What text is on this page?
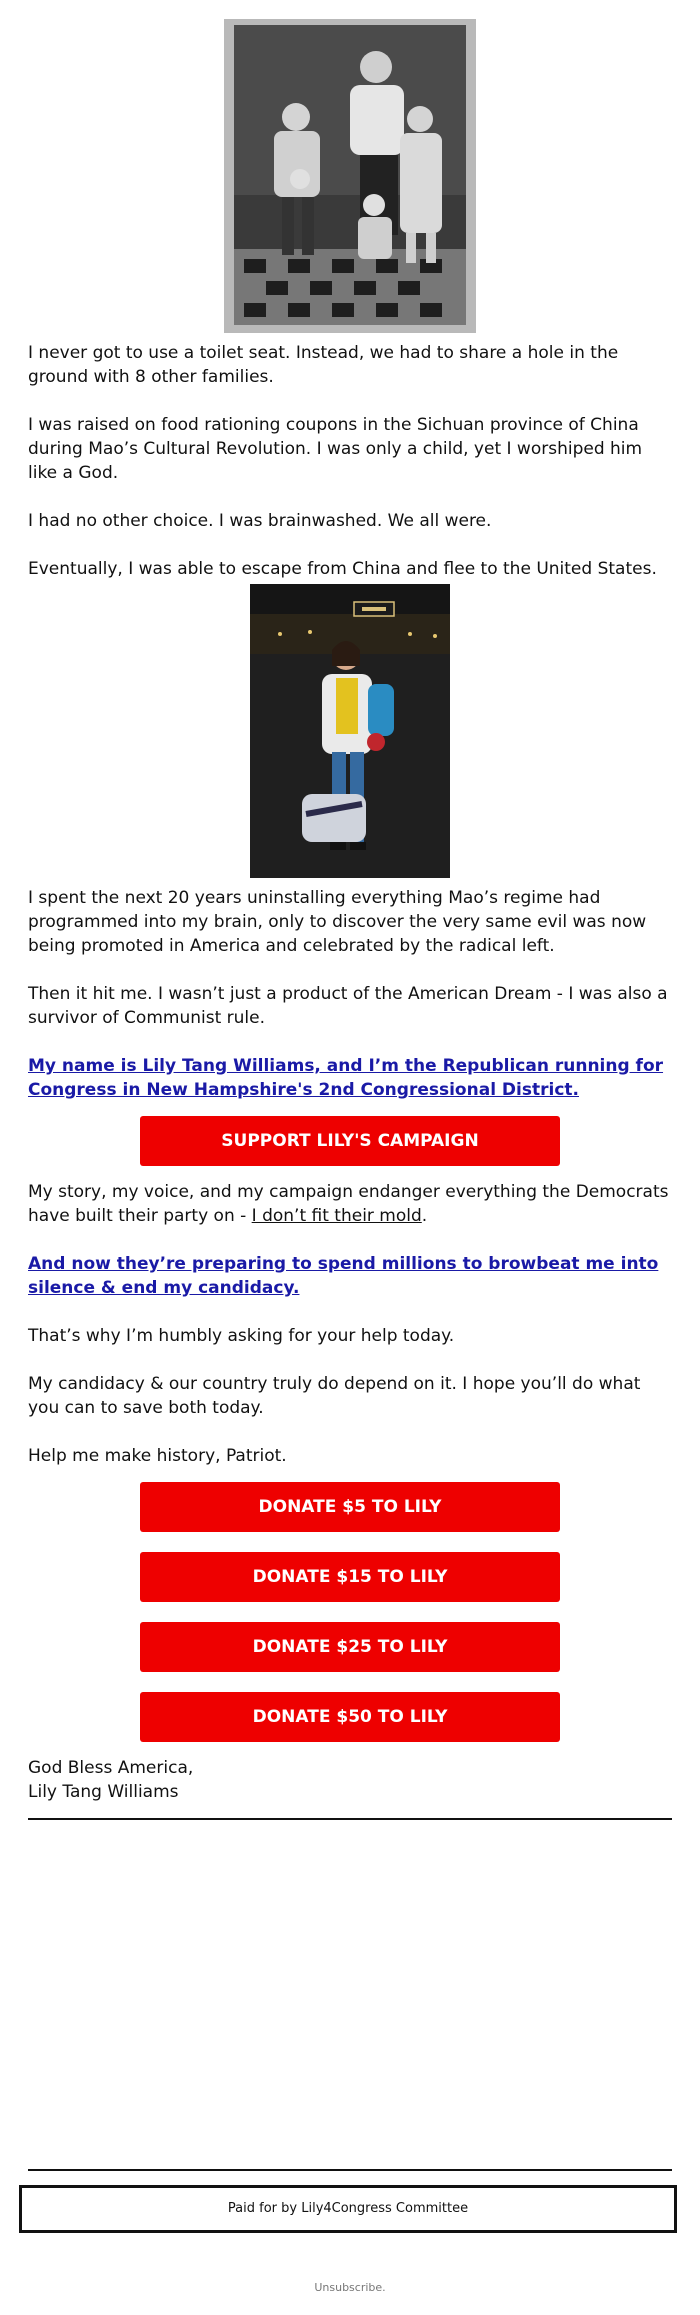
I never got to use a toilet seat. Instead, we had to share a hole in the ground with 8 other families.

I was raised on food rationing coupons in the Sichuan province of China during Mao’s Cultural Revolution. I was only a child, yet I worshiped him like a God.

I had no other choice. I was brainwashed. We all were.

Eventually, I was able to escape from China and flee to the United States.

I spent the next 20 years uninstalling everything Mao’s regime had programmed into my brain, only to discover the very same evil was now being promoted in America and celebrated by the radical left.

Then it hit me. I wasn’t just a product of the American Dream - I was also a survivor of Communist rule.

My name is Lily Tang Williams, and I’m the Republican running for Congress in New Hampshire's 2nd Congressional District.

SUPPORT LILY'S CAMPAIGN

My story, my voice, and my campaign endanger everything the Democrats have built their party on - I don’t fit their mold.

And now they’re preparing to spend millions to browbeat me into silence & end my candidacy.

That’s why I’m humbly asking for your help today.

My candidacy & our country truly do depend on it. I hope you’ll do what you can to save both today.

Help me make history, Patriot.

DONATE $5 TO LILY
DONATE $15 TO LILY
DONATE $25 TO LILY
DONATE $50 TO LILY

God Bless America,

Lily Tang Williams

Paid for by Lily4Congress Committee
Unsubscribe.
